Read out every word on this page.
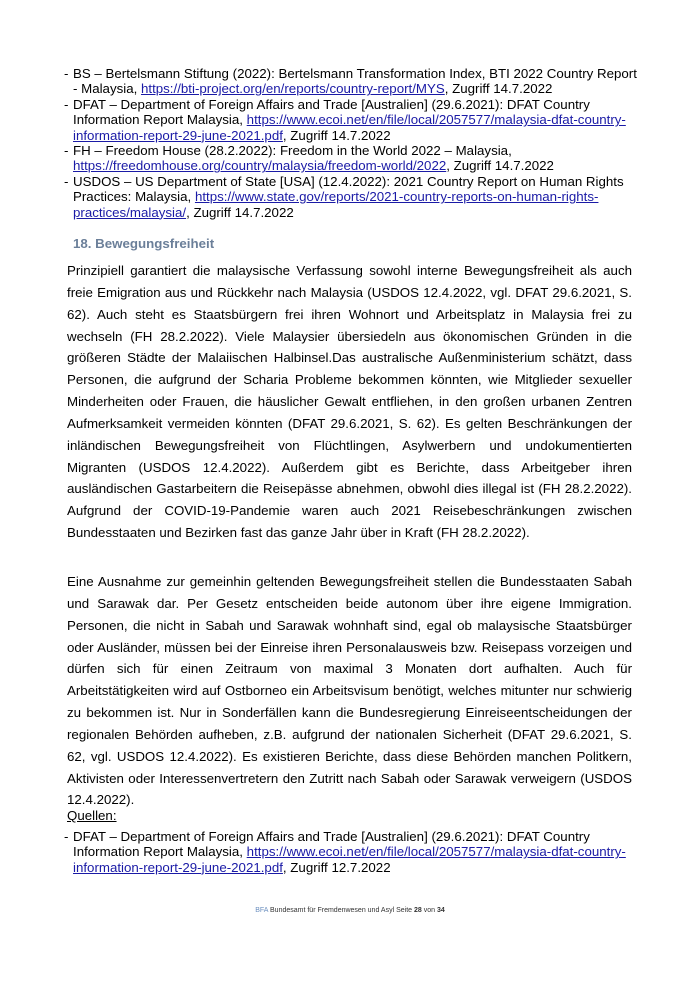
- BS – Bertelsmann Stiftung (2022): Bertelsmann Transformation Index, BTI 2022 Country Report - Malaysia, https://bti-project.org/en/reports/country-report/MYS, Zugriff 14.7.2022
- DFAT – Department of Foreign Affairs and Trade [Australien] (29.6.2021): DFAT Country Information Report Malaysia, https://www.ecoi.net/en/file/local/2057577/malaysia-dfat-country-information-report-29-june-2021.pdf, Zugriff 14.7.2022
- FH – Freedom House (28.2.2022): Freedom in the World 2022 – Malaysia, https://freedomhouse.org/country/malaysia/freedom-world/2022, Zugriff 14.7.2022
- USDOS – US Department of State [USA] (12.4.2022): 2021 Country Report on Human Rights Practices: Malaysia, https://www.state.gov/reports/2021-country-reports-on-human-rights-practices/malaysia/, Zugriff 14.7.2022
18. Bewegungsfreiheit

Prinzipiell garantiert die malaysische Verfassung sowohl interne Bewegungsfreiheit als auch freie Emigration aus und Rückkehr nach Malaysia (USDOS 12.4.2022, vgl. DFAT 29.6.2021, S. 62). Auch steht es Staatsbürgern frei ihren Wohnort und Arbeitsplatz in Malaysia frei zu wechseln (FH 28.2.2022). Viele Malaysier übersiedeln aus ökonomischen Gründen in die größeren Städte der Malaiischen Halbinsel.Das australische Außenministerium schätzt, dass Personen, die aufgrund der Scharia Probleme bekommen könnten, wie Mitglieder sexueller Minderheiten oder Frauen, die häuslicher Gewalt entfliehen, in den großen urbanen Zentren Aufmerksamkeit vermeiden könnten (DFAT 29.6.2021, S. 62). Es gelten Beschränkungen der inländischen Bewegungsfreiheit von Flüchtlingen, Asylwerbern und undokumentierten Migranten (USDOS 12.4.2022). Außerdem gibt es Berichte, dass Arbeitgeber ihren ausländischen Gastarbeitern die Reisepässe abnehmen, obwohl dies illegal ist (FH 28.2.2022). Aufgrund der COVID-19-Pandemie waren auch 2021 Reisebeschränkungen zwischen Bundesstaaten und Bezirken fast das ganze Jahr über in Kraft (FH 28.2.2022).

Eine Ausnahme zur gemeinhin geltenden Bewegungsfreiheit stellen die Bundesstaaten Sabah und Sarawak dar. Per Gesetz entscheiden beide autonom über ihre eigene Immigration. Personen, die nicht in Sabah und Sarawak wohnhaft sind, egal ob malaysische Staatsbürger oder Ausländer, müssen bei der Einreise ihren Personalausweis bzw. Reisepass vorzeigen und dürfen sich für einen Zeitraum von maximal 3 Monaten dort aufhalten. Auch für Arbeitstätigkeiten wird auf Ostborneo ein Arbeitsvisum benötigt, welches mitunter nur schwierig zu bekommen ist. Nur in Sonderfällen kann die Bundesregierung Einreiseentscheidungen der regionalen Behörden aufheben, z.B. aufgrund der nationalen Sicherheit (DFAT 29.6.2021, S. 62, vgl. USDOS 12.4.2022). Es existieren Berichte, dass diese Behörden manchen Politkern, Aktivisten oder Interessenvertretern den Zutritt nach Sabah oder Sarawak verweigern (USDOS 12.4.2022).

Quellen:
- DFAT – Department of Foreign Affairs and Trade [Australien] (29.6.2021): DFAT Country Information Report Malaysia, https://www.ecoi.net/en/file/local/2057577/malaysia-dfat-country-information-report-29-june-2021.pdf, Zugriff 12.7.2022
BFA Bundesamt für Fremdenwesen und Asyl Seite 28 von 34
